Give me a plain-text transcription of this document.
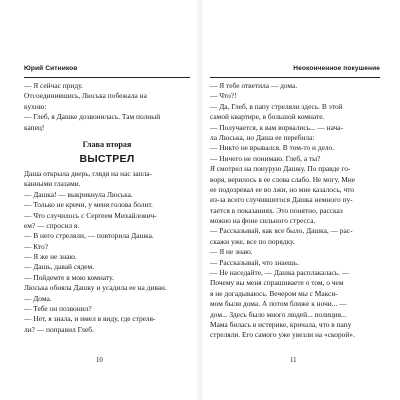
Юрий Ситников
— Я сейчас приду.
Отсоединившись, Люська побежала на
кухню:
— Глеб, я Дашке дозвонилась. Там полный
капец!
Глава вторая
ВЫСТРЕЛ
Даша открыла дверь, глядя на нас запла-
канными глазами.
— Дашка! — выкрикнула Люська.
— Только не кричи, у меня голова болит.
— Что случилось с Сергеем Михайлович-
ем? — спросил я.
— В него стреляли, — повторила Дашка.
— Кто?
— Я же не знаю.
— Дашь, давай сядем.
— Пойдемте в мою комнату.
Люська обняла Дашку и усадила ее на диван.
— Дома.
— Тебе он позвонил?
— Нет, я знала, и имел в виду, где стреля-
ли? — поправил Глеб.
10
Неоконченное покушение
— Я тебе ответила — дома.
— Что?!
— Да, Глеб, в папу стреляли здесь. В этой
самой квартире, в большой комнате.
— Получается, к вам ворвались... — нача-
ла Люська, но Даша ее перебила:
— Никто не врывался. В том-то и дело.
— Ничего не понимаю. Глеб, а ты?
Я смотрел на понурую Дашку. По правде го-
воря, верилось в ее слова слабо. Не могу. Мне
ее подозревал ее во лжи, но мне казалось, что
из-за всего случившегося Дашка немного пу-
тается в показаниях. Это понятно, рассказ
можно на фоне сильного стресса.
— Рассказывай, как все было, Дашка, — рас-
скажи уже, все по порядку.
— Я не знаю.
— Рассказывай, что знаешь.
— Не наседайте, — Дашка расплакалась. —
Почему вы меня спрашиваете о том, о чем
я не догадываюсь. Вечером мы с Макси-
мом были дома. А потом ближе к ночи... —
дом... Здесь было много людей... полиция...
Мама билась в истерике, кричала, что в папу
стреляли. Его самого уже увезли на «скорой».
11
